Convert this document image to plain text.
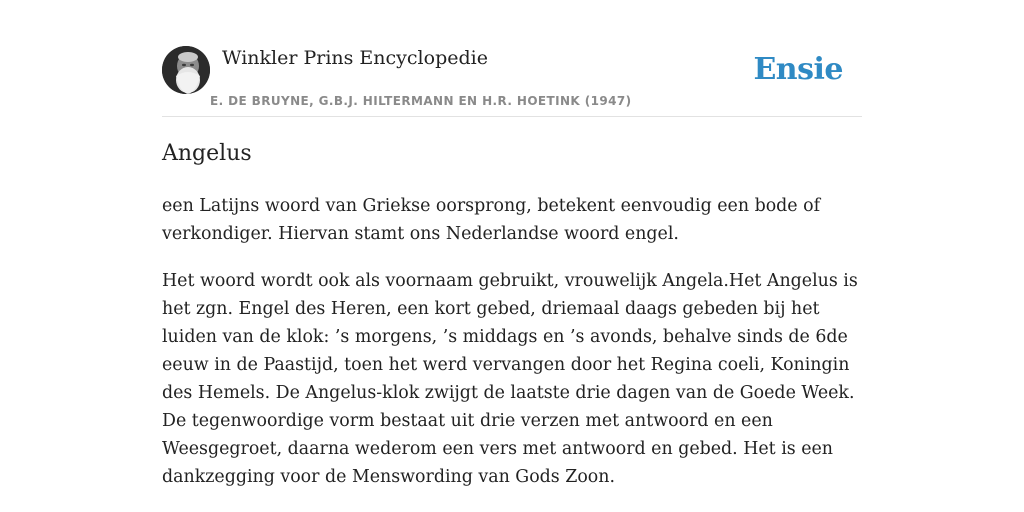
Winkler Prins Encyclopedie
E. DE BRUYNE, G.B.J. HILTERMANN EN H.R. HOETINK (1947)
Ensie
Angelus

een Latijns woord van Griekse oorsprong, betekent eenvoudig een bode of verkondiger. Hiervan stamt ons Nederlandse woord engel.

Het woord wordt ook als voornaam gebruikt, vrouwelijk Angela.Het Angelus is het zgn. Engel des Heren, een kort gebed, driemaal daags gebeden bij het luiden van de klok: ’s morgens, ’s middags en ’s avonds, behalve sinds de 6de eeuw in de Paastijd, toen het werd vervangen door het Regina coeli, Koningin des Hemels. De Angelus-klok zwijgt de laatste drie dagen van de Goede Week. De tegenwoordige vorm bestaat uit drie verzen met antwoord en een Weesgegroet, daarna wederom een vers met antwoord en gebed. Het is een dankzegging voor de Menswording van Gods Zoon.
